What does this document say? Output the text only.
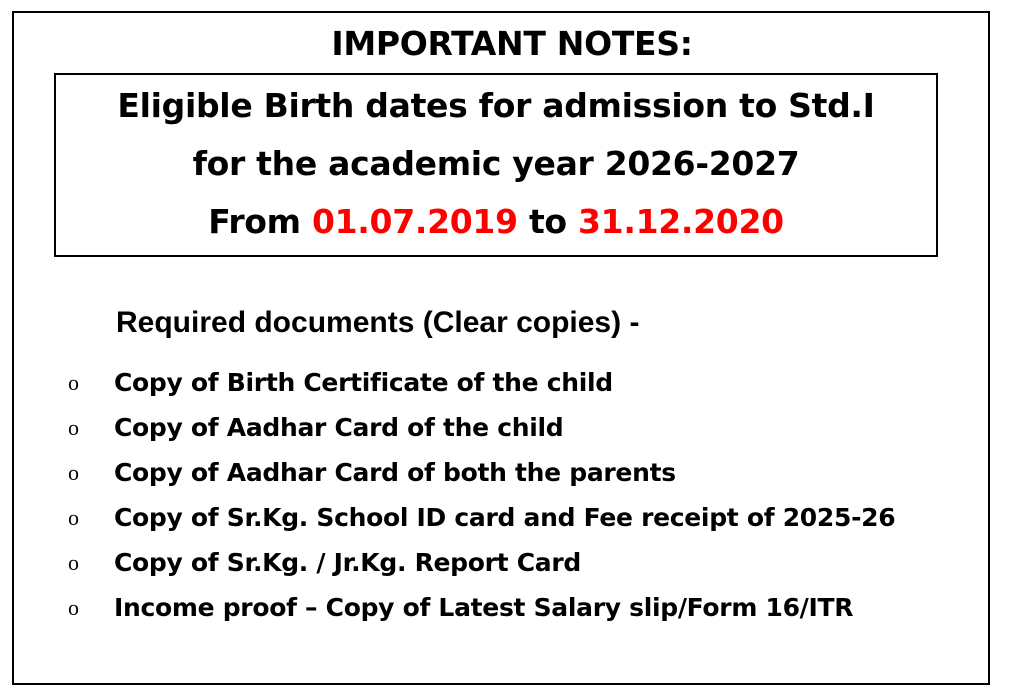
IMPORTANT NOTES:
Eligible Birth dates for admission to Std.I
for the academic year 2026-2027
From 01.07.2019 to 31.12.2020
Required documents (Clear copies) -
o Copy of Birth Certificate of the child
o Copy of Aadhar Card of the child
o Copy of Aadhar Card of both the parents
o Copy of Sr.Kg. School ID card and Fee receipt of 2025-26
o Copy of Sr.Kg. / Jr.Kg. Report Card
o Income proof – Copy of Latest Salary slip/Form 16/ITR
